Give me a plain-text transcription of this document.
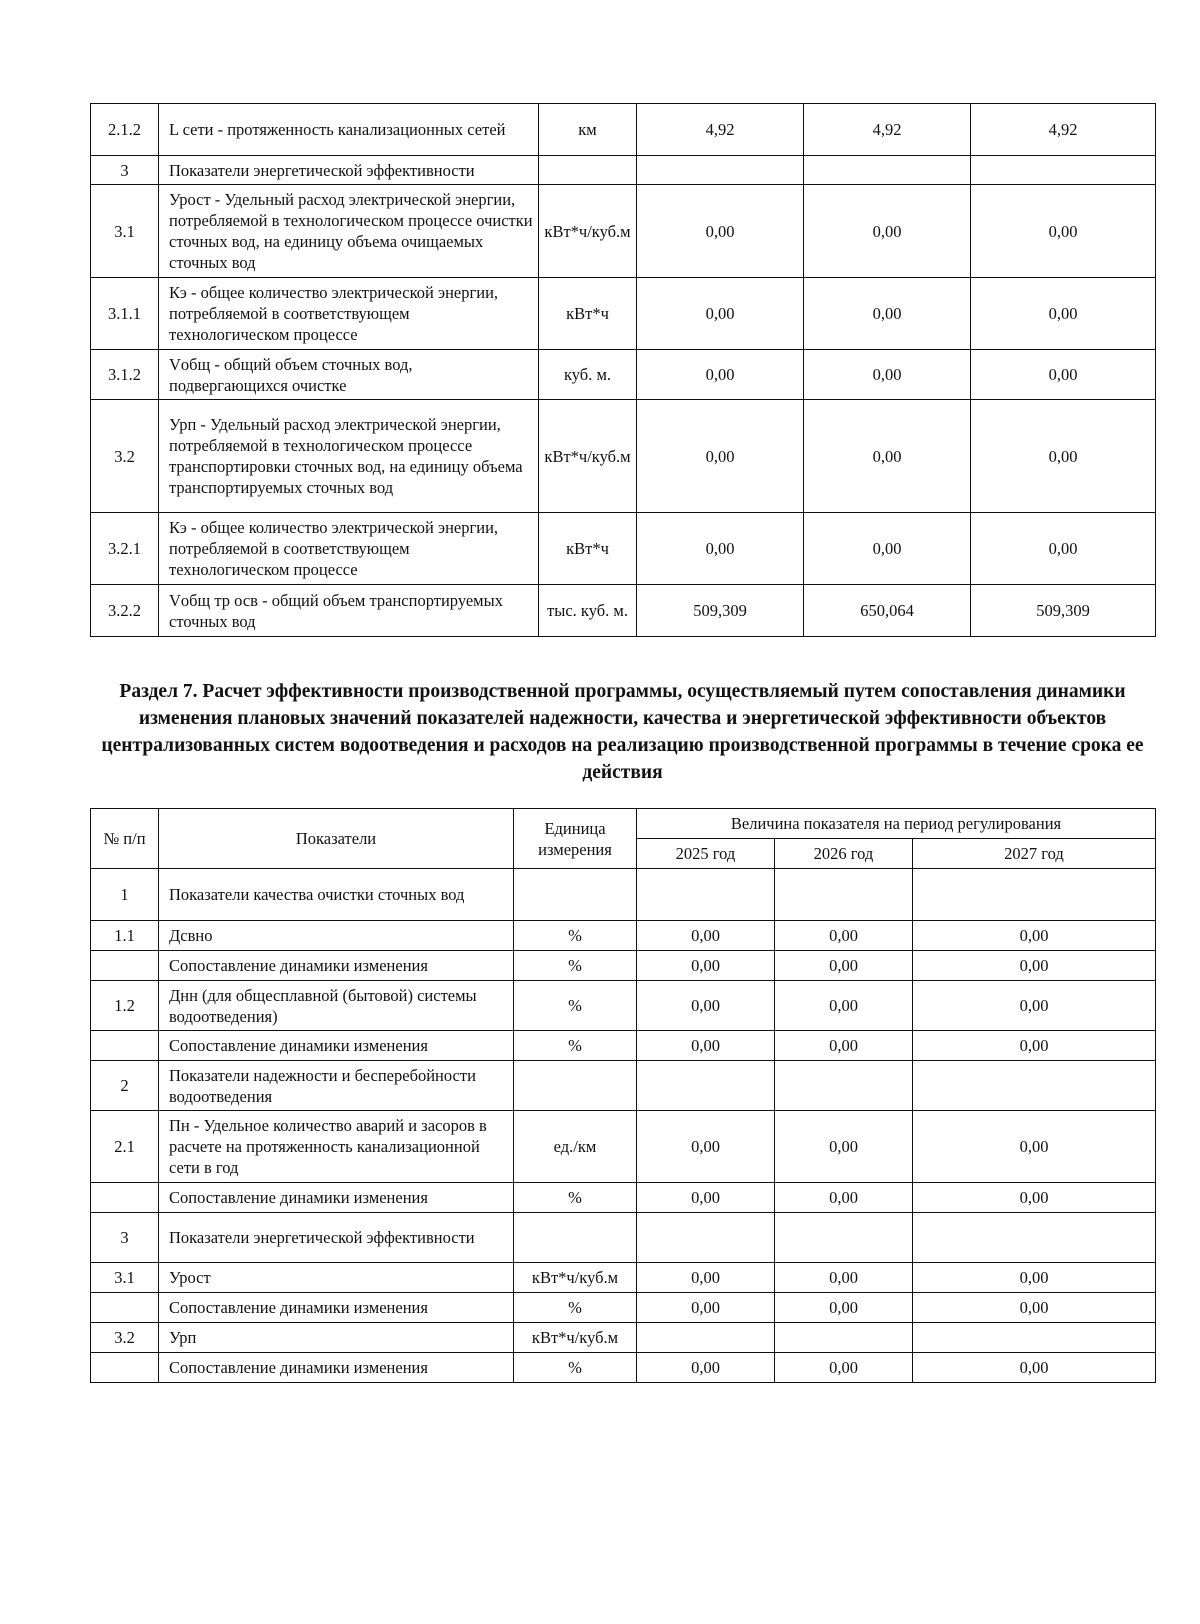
2.1.2	L сети - протяженность канализационных сетей	км	4,92	4,92	4,92
3	Показатели энергетической эффективности				
3.1	Урост - Удельный расход электрической энергии, потребляемой в технологическом процессе очистки сточных вод, на единицу объема очищаемых сточных вод	кВт*ч/куб.м	0,00	0,00	0,00
3.1.1	Кэ - общее количество электрической энергии, потребляемой в соответствующем технологическом процессе	кВт*ч	0,00	0,00	0,00
3.1.2	Vобщ - общий объем сточных вод, подвергающихся очистке	куб. м.	0,00	0,00	0,00
3.2	Урп - Удельный расход электрической энергии, потребляемой в технологическом процессе транспортировки сточных вод, на единицу объема транспортируемых сточных вод	кВт*ч/куб.м	0,00	0,00	0,00
3.2.1	Кэ - общее количество электрической энергии, потребляемой в соответствующем технологическом процессе	кВт*ч	0,00	0,00	0,00
3.2.2	Vобщ тр осв - общий объем транспортируемых сточных вод	тыс. куб. м.	509,309	650,064	509,309
Раздел 7. Расчет эффективности производственной программы, осуществляемый путем сопоставления динамики изменения плановых значений показателей надежности, качества и энергетической эффективности объектов централизованных систем водоотведения и расходов на реализацию производственной программы в течение срока ее действия
№ п/п	Показатели	Единица измерения	Величина показателя на период регулирования		
			2025 год	2026 год	2027 год
1	Показатели качества очистки сточных вод				
1.1	Дсвно	%	0,00	0,00	0,00
	Сопоставление динамики изменения	%	0,00	0,00	0,00
1.2	Днн (для общесплавной (бытовой) системы водоотведения)	%	0,00	0,00	0,00
	Сопоставление динамики изменения	%	0,00	0,00	0,00
2	Показатели надежности и бесперебойности водоотведения				
2.1	Пн - Удельное количество аварий и засоров в расчете на протяженность канализационной сети в год	ед./км	0,00	0,00	0,00
	Сопоставление динамики изменения	%	0,00	0,00	0,00
3	Показатели энергетической эффективности				
3.1	Урост	кВт*ч/куб.м	0,00	0,00	0,00
	Сопоставление динамики изменения	%	0,00	0,00	0,00
3.2	Урп	кВт*ч/куб.м			
	Сопоставление динамики изменения	%	0,00	0,00	0,00
